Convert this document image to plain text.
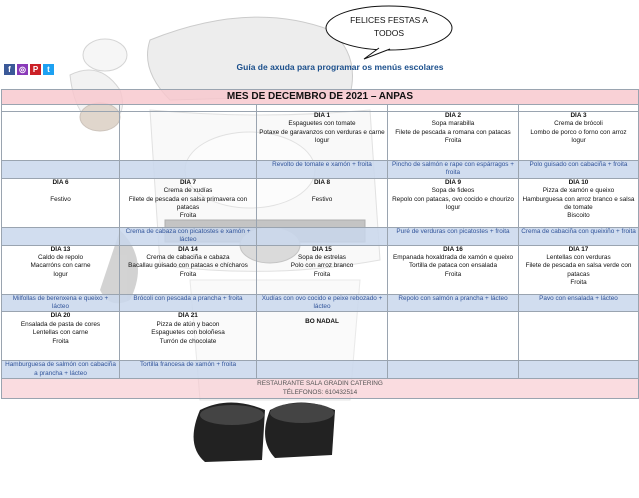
FELICES FESTAS A
TODOS
f	◎ P	t	Guía de axuda para programar os menús escolares
MES DE DECEMBRO DE 2021 – ANPAS				

		DÍA 1
Espaguetes con tomate
Potaxe de garavanzos con verduras e carne
Iogur	DÍA 2
Sopa marabilla
Filete de pescada a romana con patacas
Froita	DÍA 3
Crema de brócoli
Lombo de porco o forno con arroz
Iogur

		Revolto de tomate e xamón + froita	Pincho de salmón e rape con espárragos + froita	Polo guisado con cabaciña + froita

DÍA 6

Festivo	DÍA 7
Crema de xudías
Filete de pescada en salsa primavera con patacas
Froita	DÍA 8

Festivo	DÍA 9
Sopa de fideos
Repolo con patacas, ovo cocido e chourizo
Iogur	DÍA 10
Pizza de xamón e queixo
Hamburguesa con arroz branco e salsa de tomate
Biscoito

	Crema de cabaza con picatostes e xamón + lácteo		Puré de verduras con picatostes + froita	Crema de cabaciña con queixiño + froita

DÍA 13
Caldo de repolo
Macarróns con carne
Iogur	DÍA 14
Crema de cabaciña e cabaza
Bacallau guisado con patacas e chícharos
Froita	DÍA 15
Sopa de estrelas
Polo con arroz branco
Froita	DÍA 16
Empanada hoxaldrada de xamón e queixo
Tortilla de pataca con ensalada
Froita	DÍA 17
Lentellas con verduras
Filete de pescada en salsa verde con patacas
Froita

Milfollas de berenxena e queixo + lácteo	Brócoli con pescada a prancha + froita	Xudías con ovo cocido e peixe rebozado + lácteo	Repolo con salmón a prancha + lácteo	Pavo con ensalada + lácteo

DÍA 20
Ensalada de pasta de cores
Lentellas con carne
Froita	DÍA 21
Pizza de atún y bacon
Espaguetes con boloñesa
Turrón de chocolate	BO NADAL		

Hamburguesa de salmón con cabaciña a prancha + lácteo	Tortilla francesa de xamón + froita			

RESTAURANTE SALA GRADIN CATERING
TÉLEFONOS: 610432514				
